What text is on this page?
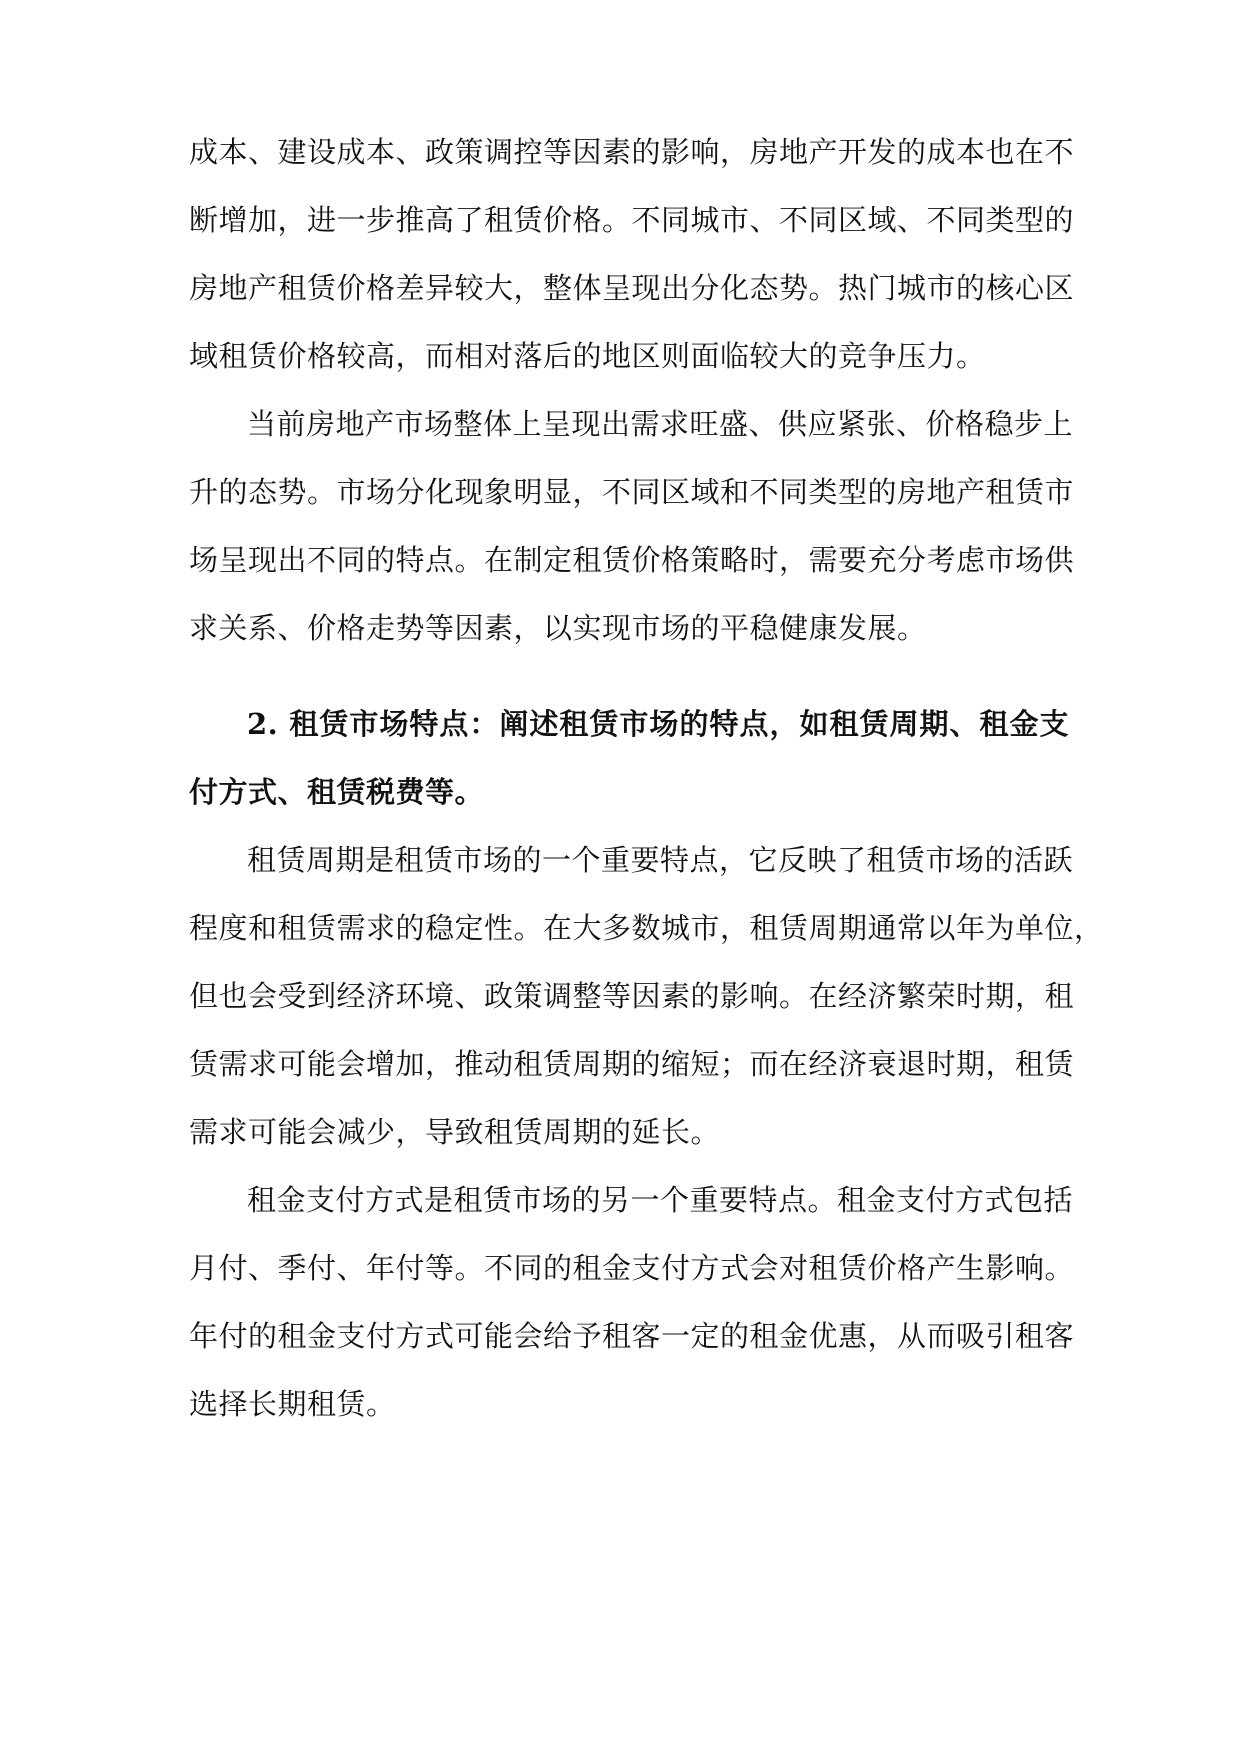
成本、建设成本、政策调控等因素的影响，房地产开发的成本也在不
断增加，进一步推高了租赁价格。不同城市、不同区域、不同类型的
房地产租赁价格差异较大，整体呈现出分化态势。热门城市的核心区
域租赁价格较高，而相对落后的地区则面临较大的竞争压力。
当前房地产市场整体上呈现出需求旺盛、供应紧张、价格稳步上
升的态势。市场分化现象明显，不同区域和不同类型的房地产租赁市
场呈现出不同的特点。在制定租赁价格策略时，需要充分考虑市场供
求关系、价格走势等因素，以实现市场的平稳健康发展。
2. 租赁市场特点：阐述租赁市场的特点，如租赁周期、租金支
付方式、租赁税费等。
租赁周期是租赁市场的一个重要特点，它反映了租赁市场的活跃
程度和租赁需求的稳定性。在大多数城市，租赁周期通常以年为单位，
但也会受到经济环境、政策调整等因素的影响。在经济繁荣时期，租
赁需求可能会增加，推动租赁周期的缩短；而在经济衰退时期，租赁
需求可能会减少，导致租赁周期的延长。
租金支付方式是租赁市场的另一个重要特点。租金支付方式包括
月付、季付、年付等。不同的租金支付方式会对租赁价格产生影响。
年付的租金支付方式可能会给予租客一定的租金优惠，从而吸引租客
选择长期租赁。
